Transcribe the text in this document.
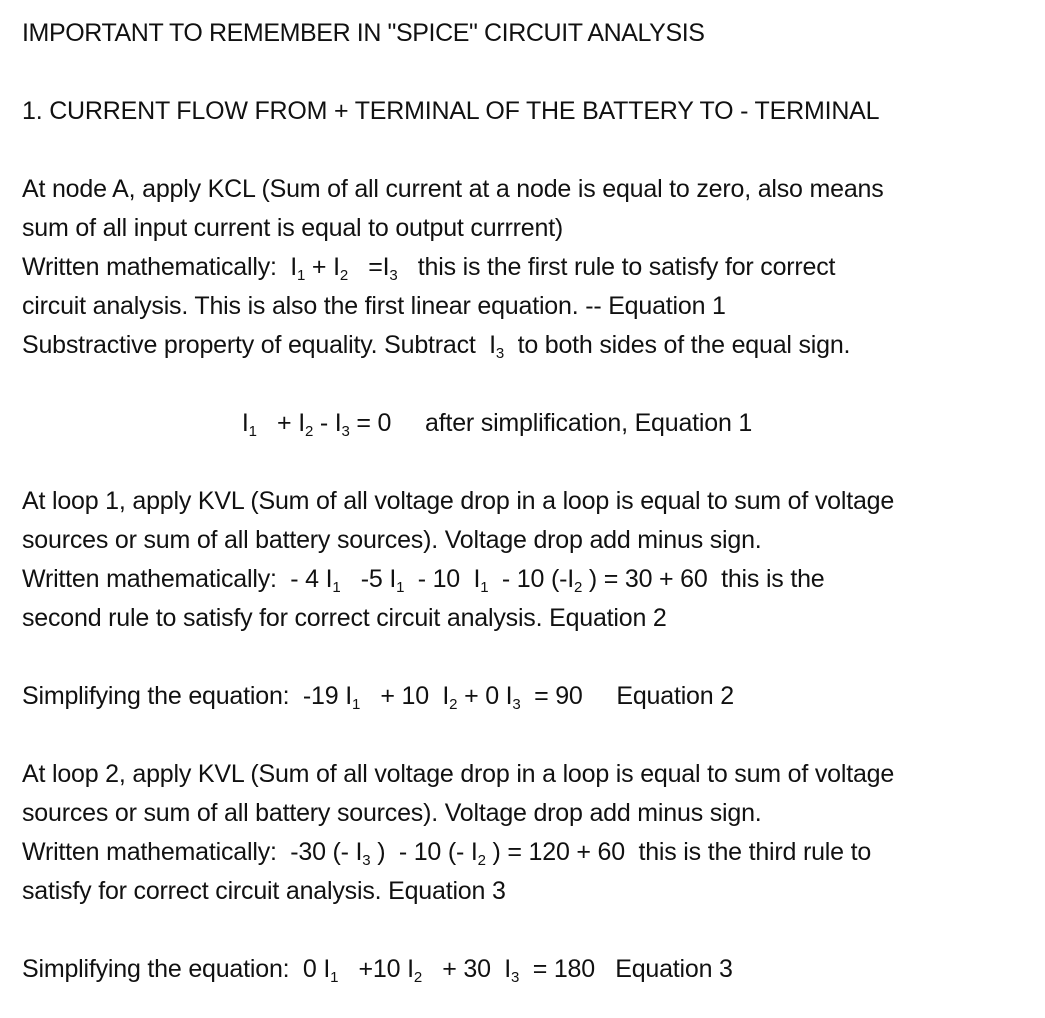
IMPORTANT TO REMEMBER IN "SPICE" CIRCUIT ANALYSIS
1. CURRENT FLOW FROM + TERMINAL OF THE BATTERY TO - TERMINAL
At node A, apply KCL (Sum of all current at a node is equal to zero, also means
sum of all input current is equal to output currrent)
Written mathematically: $I_1 + I_2 =I_3$ this is the first rule to satisfy for correct
circuit analysis. This is also the first linear equation. -- Equation 1
Substractive property of equality. Subtract $I_3$ to both sides of the equal sign.
$I_1 + I_2 - I_3 = 0$ after simplification, Equation 1
At loop 1, apply KVL (Sum of all voltage drop in a loop is equal to sum of voltage
sources or sum of all battery sources). Voltage drop add minus sign.
Written mathematically: - 4 $I_1$ -5 $I_1 - 10$ $I_1 - 10$ ($-I_2$ ) = 30 + 60 this is the
second rule to satisfy for correct circuit analysis. Equation 2
Simplifying the equation: -19 $I_1 + 10$ $I_2 + 0$ $I_3 = 90$ Equation 2
At loop 2, apply KVL (Sum of all voltage drop in a loop is equal to sum of voltage
sources or sum of all battery sources). Voltage drop add minus sign.
Written mathematically: -30 (- $I_3$ ) - 10 (- $I_2$ ) = 120 + 60 this is the third rule to
satisfy for correct circuit analysis. Equation 3
Simplifying the equation: 0 $I_1 +10$ $I_2 + 30$ $I_3 = 180$ Equation 3
